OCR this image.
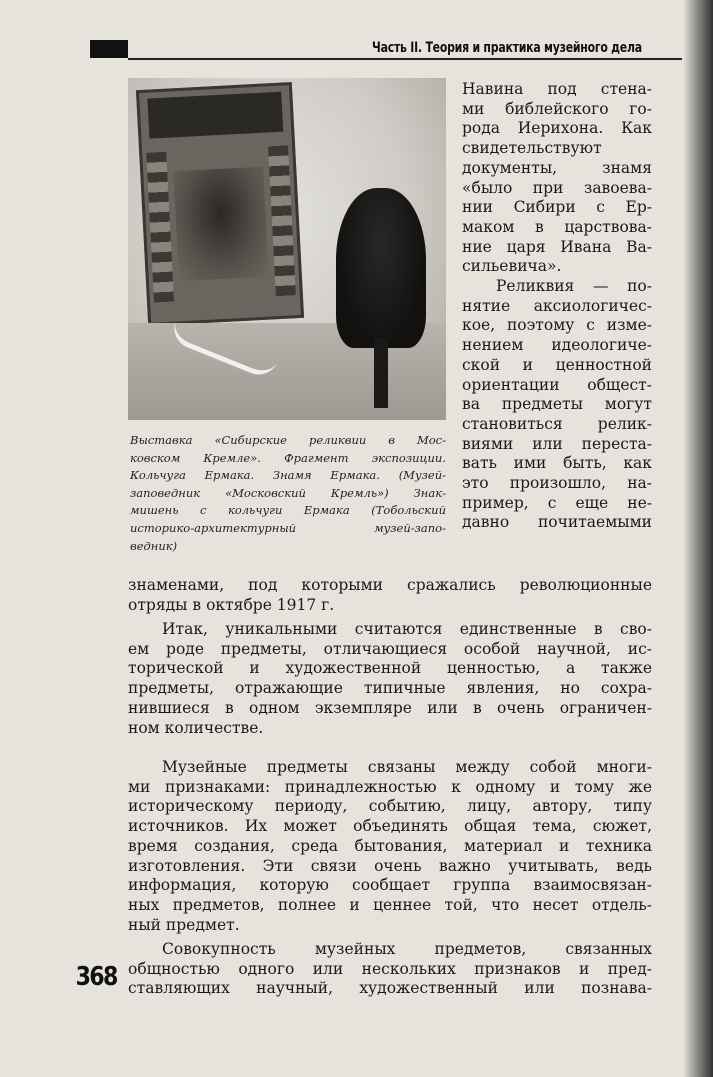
Часть II. Теория и практика музейного дела

Выставка «Сибирские реликвии в Мос-
ковском Кремле». Фрагмент экспозиции.
Кольчуга Ермака. Знамя Ермака. (Музей-
заповедник «Московский Кремль») Знак-
мишень с кольчуги Ермака (Тобольский
историко-архитектурный музей-запо-
ведник)

Навина под стена-
ми библейского го-
рода Иерихона. Как
свидетельствуют
документы, знамя
«было при завоева-
нии Сибири с Ер-
маком в царствова-
ние царя Ивана Ва-
сильевича».
Реликвия — по-
нятие аксиологичес-
кое, поэтому с изме-
нением идеологиче-
ской и ценностной
ориентации общест-
ва предметы могут
становиться релик-
виями или переста-
вать ими быть, как
это произошло, на-
пример, с еще не-
давно почитаемыми

знаменами, под которыми сражались революционные
отряды в октябре 1917 г.

Итак, уникальными считаются единственные в сво-
ем роде предметы, отличающиеся особой научной, ис-
торической и художественной ценностью, а также
предметы, отражающие типичные явления, но сохра-
нившиеся в одном экземпляре или в очень ограничен-
ном количестве.

Музейные предметы связаны между собой многи-
ми признаками: принадлежностью к одному и тому же
историческому периоду, событию, лицу, автору, типу
источников. Их может объединять общая тема, сюжет,
время создания, среда бытования, материал и техника
изготовления. Эти связи очень важно учитывать, ведь
информация, которую сообщает группа взаимосвязан-
ных предметов, полнее и ценнее той, что несет отдель-
ный предмет.

Совокупность музейных предметов, связанных
общностью одного или нескольких признаков и пред-
ставляющих научный, художественный или познава-

368
